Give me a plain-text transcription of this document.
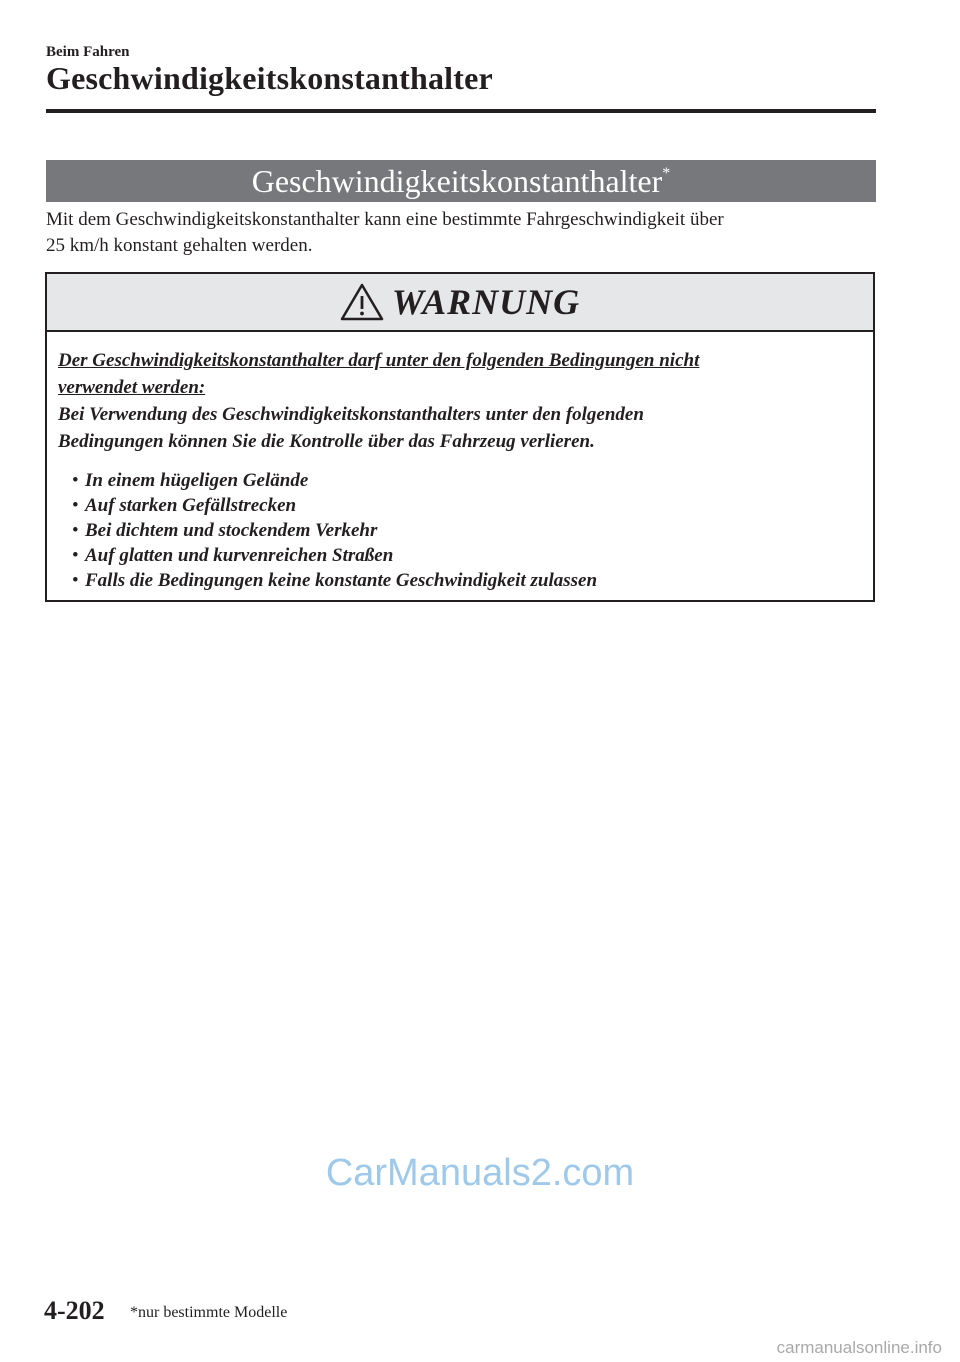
Beim Fahren
Geschwindigkeitskonstanthalter
Geschwindigkeitskonstanthalter*
Mit dem Geschwindigkeitskonstanthalter kann eine bestimmte Fahrgeschwindigkeit über
25 km/h konstant gehalten werden.
WARNUNG
Der Geschwindigkeitskonstanthalter darf unter den folgenden Bedingungen nicht
verwendet werden:
Bei Verwendung des Geschwindigkeitskonstanthalters unter den folgenden
Bedingungen können Sie die Kontrolle über das Fahrzeug verlieren.
• In einem hügeligen Gelände
• Auf starken Gefällstrecken
• Bei dichtem und stockendem Verkehr
• Auf glatten und kurvenreichen Straßen
• Falls die Bedingungen keine konstante Geschwindigkeit zulassen
CarManuals2.com
4-202 *nur bestimmte Modelle
carmanualsonline.info
